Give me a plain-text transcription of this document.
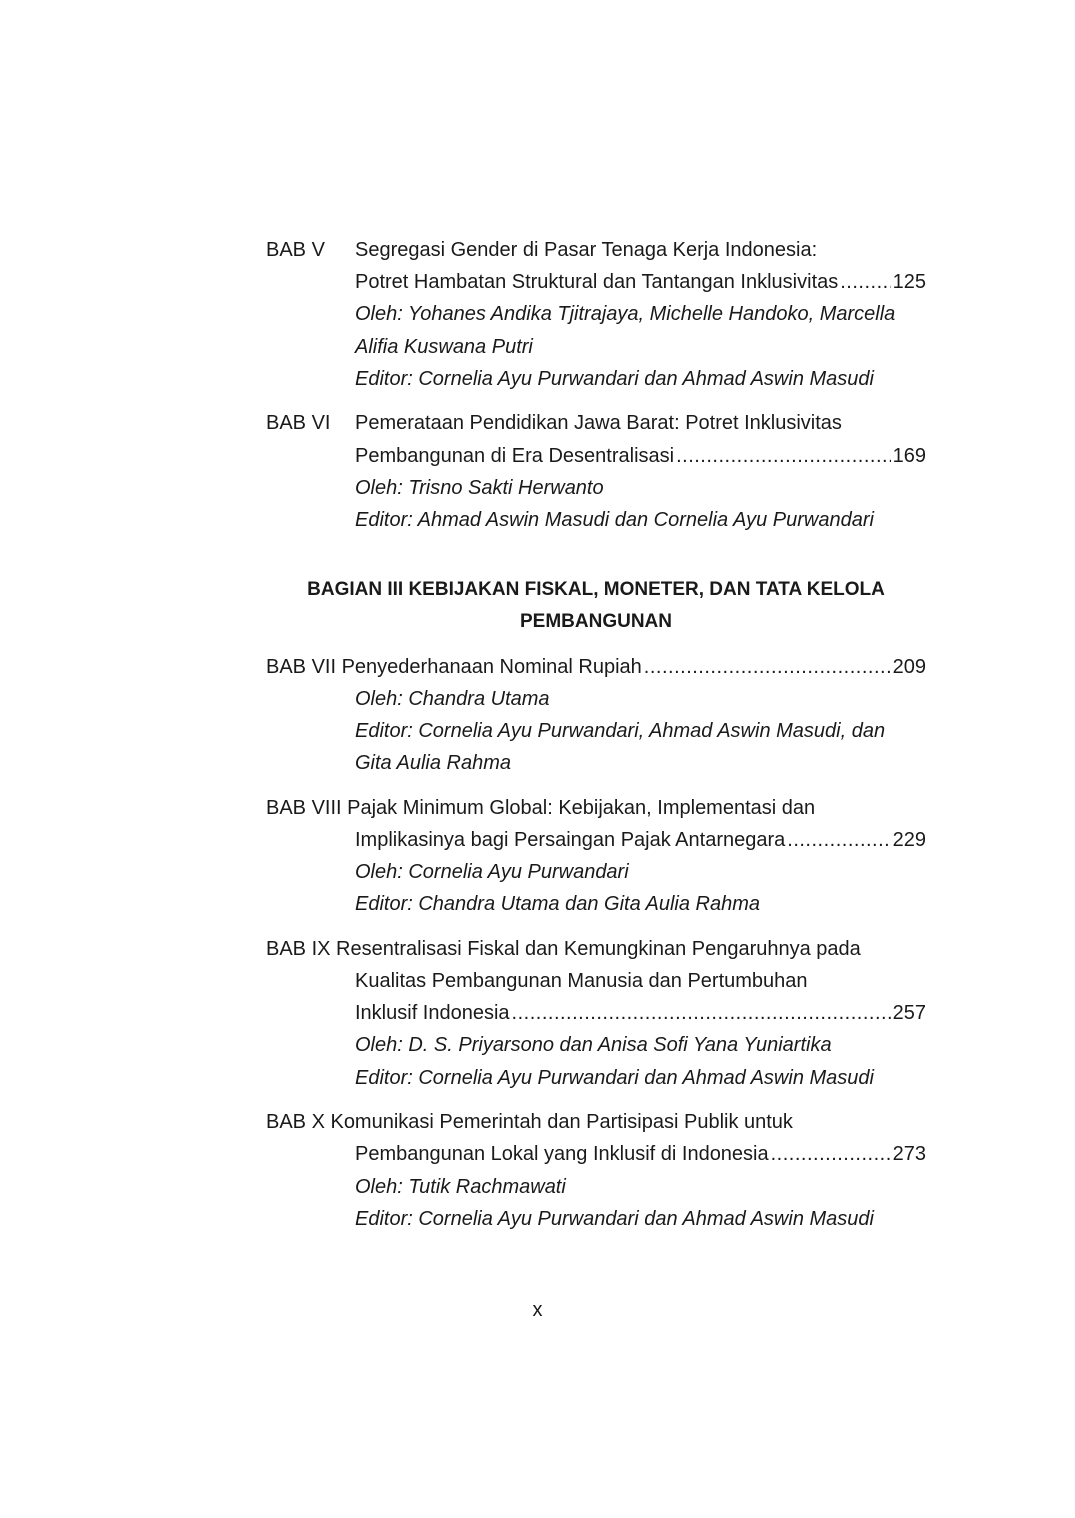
BAB V Segregasi Gender di Pasar Tenaga Kerja Indonesia:
Potret Hambatan Struktural dan Tantangan Inklusivitas .....	125
Oleh: Yohanes Andika Tjitrajaya, Michelle Handoko, Marcella
Alifia Kuswana Putri
Editor: Cornelia Ayu Purwandari dan Ahmad Aswin Masudi
BAB VI Pemerataan Pendidikan Jawa Barat: Potret Inklusivitas
Pembangunan di Era Desentralisasi .....	169
Oleh: Trisno Sakti Herwanto
Editor: Ahmad Aswin Masudi dan Cornelia Ayu Purwandari
BAGIAN III KEBIJAKAN FISKAL, MONETER, DAN TATA KELOLA
PEMBANGUNAN
BAB VII Penyederhanaan Nominal Rupiah .....	209
Oleh: Chandra Utama
Editor: Cornelia Ayu Purwandari, Ahmad Aswin Masudi, dan
Gita Aulia Rahma
BAB VIII Pajak Minimum Global: Kebijakan, Implementasi dan
Implikasinya bagi Persaingan Pajak Antarnegara .....	229
Oleh: Cornelia Ayu Purwandari
Editor: Chandra Utama dan Gita Aulia Rahma
BAB IX Resentralisasi Fiskal dan Kemungkinan Pengaruhnya pada
Kualitas Pembangunan Manusia dan Pertumbuhan
Inklusif Indonesia .....	257
Oleh: D. S. Priyarsono dan Anisa Sofi Yana Yuniartika
Editor: Cornelia Ayu Purwandari dan Ahmad Aswin Masudi
BAB X Komunikasi Pemerintah dan Partisipasi Publik untuk
Pembangunan Lokal yang Inklusif di Indonesia .....	273
Oleh: Tutik Rachmawati
Editor: Cornelia Ayu Purwandari dan Ahmad Aswin Masudi
x
